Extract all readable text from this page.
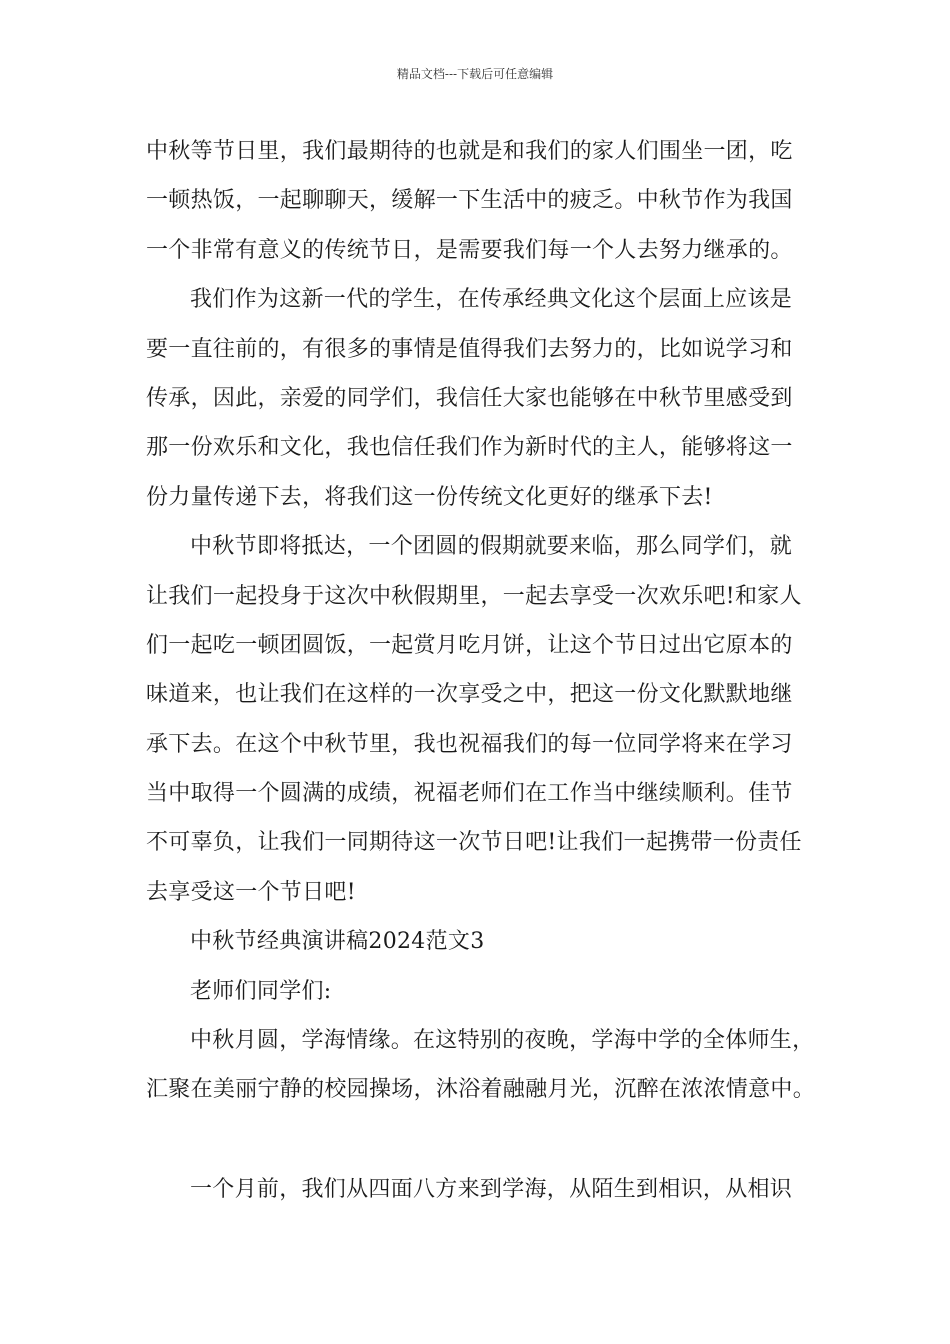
精品文档---下载后可任意编辑
中秋等节日里，我们最期待的也就是和我们的家人们围坐一团，吃
一顿热饭，一起聊聊天，缓解一下生活中的疲乏。中秋节作为我国
一个非常有意义的传统节日，是需要我们每一个人去努力继承的。
我们作为这新一代的学生，在传承经典文化这个层面上应该是
要一直往前的，有很多的事情是值得我们去努力的，比如说学习和
传承，因此，亲爱的同学们，我信任大家也能够在中秋节里感受到
那一份欢乐和文化，我也信任我们作为新时代的主人，能够将这一
份力量传递下去，将我们这一份传统文化更好的继承下去!
中秋节即将抵达，一个团圆的假期就要来临，那么同学们，就
让我们一起投身于这次中秋假期里，一起去享受一次欢乐吧!和家人
们一起吃一顿团圆饭，一起赏月吃月饼，让这个节日过出它原本的
味道来，也让我们在这样的一次享受之中，把这一份文化默默地继
承下去。在这个中秋节里，我也祝福我们的每一位同学将来在学习
当中取得一个圆满的成绩，祝福老师们在工作当中继续顺利。佳节
不可辜负，让我们一同期待这一次节日吧!让我们一起携带一份责任
去享受这一个节日吧!
中秋节经典演讲稿2024范文3
老师们同学们:
中秋月圆，学海情缘。在这特别的夜晚，学海中学的全体师生，
汇聚在美丽宁静的校园操场，沐浴着融融月光，沉醉在浓浓情意中。
一个月前，我们从四面八方来到学海，从陌生到相识，从相识
